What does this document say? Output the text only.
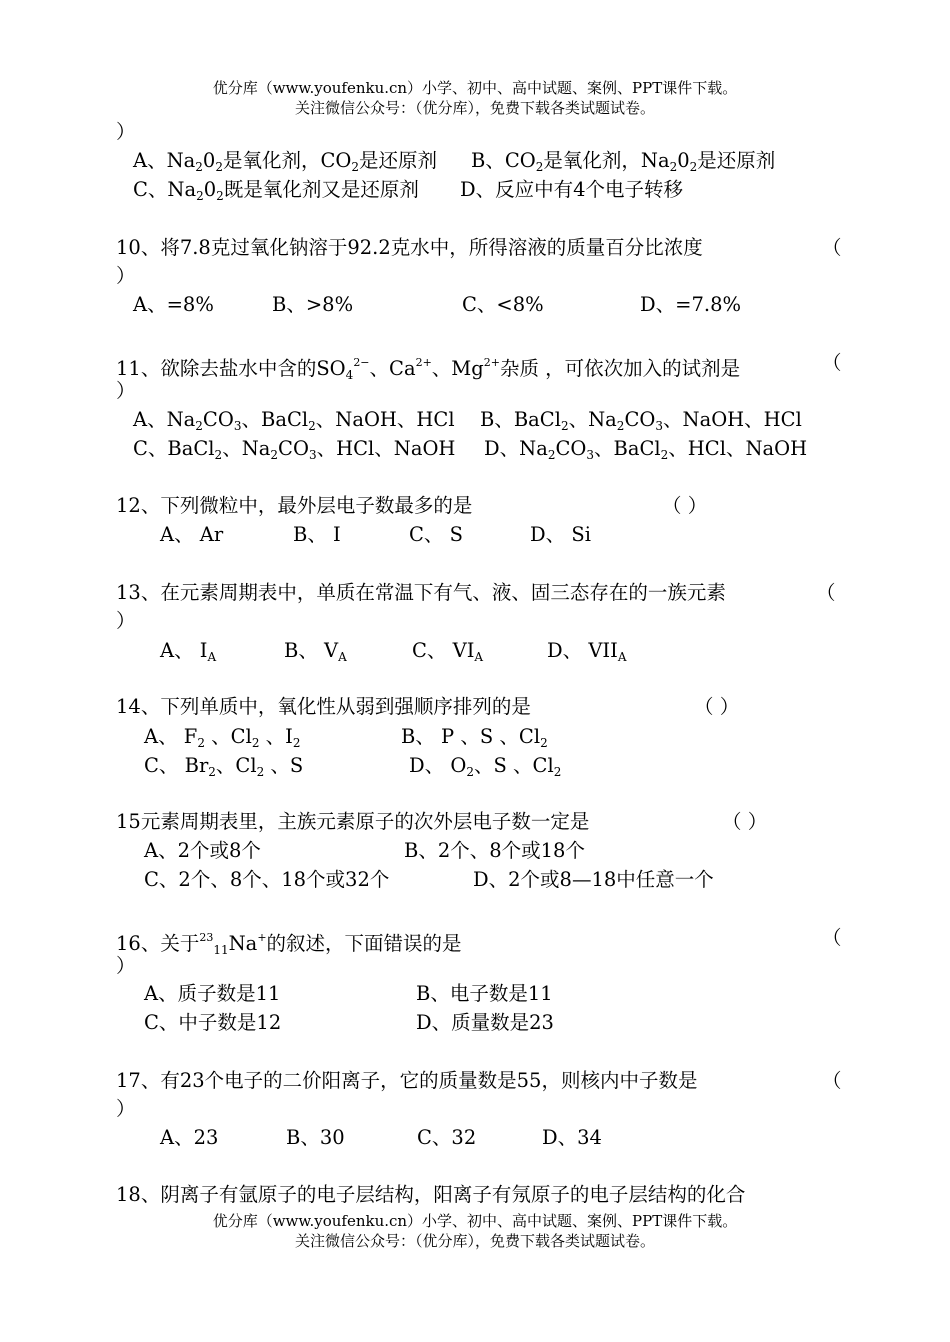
优分库（www.youfenku.cn）小学、初中、高中试题、案例、PPT课件下载。
关注微信公众号：（优分库），免费下载各类试题试卷。
）
A、$Na_20_2$是氧化剂，$CO_2$是还原剂 B、$CO_2$是氧化剂，$Na_20_2$是还原剂
C、$Na_20_2$既是氧化剂又是还原剂 D、反应中有4个电子转移
10、将7.8克过氧化钠溶于92.2克水中，所得溶液的质量百分比浓度	（
）
A、=8%	B、>8%	C、<8%	D、=7.8%
11、欲除去盐水中含的$SO_4^{2-}$、$Ca^{2+}$、$Mg^{2+}$杂质 ，可依次加入的试剂是	（
）
A、$Na_2CO_3$、BaCl$_2$、NaOH、HCl B、BaCl$_2$、$Na_2CO_3$、NaOH、HCl
C、BaCl$_2$、$Na_2CO_3$、HCl、NaOH D、$Na_2CO_3$、BaCl$_2$、HCl、NaOH
12、下列微粒中，最外层电子数最多的是	（ ）
A、 Ar	B、 I	C、 S	D、 Si
13、在元素周期表中，单质在常温下有气、液、固三态存在的一族元素	（
）
A、 $I_A$	B、 $V_A$	C、 $VI_A$	D、 $VII_A$
14、下列单质中，氧化性从弱到强顺序排列的是	（ ）
A、 $F_2$ 、$Cl_2$ 、$I_2$	B、 P 、S 、$Cl_2$
C、 $Br_2$、$Cl_2$ 、S	D、 $O_2$、S 、$Cl_2$
15元素周期表里，主族元素原子的次外层电子数一定是	（ ）
A、2个或8个	B、2个、8个或18个
C、2个、8个、18个或32个	D、2个或8—18中任意一个
16、关于$^{23}_{11}$Na+的叙述，下面错误的是	（
）
A、质子数是11	B、电子数是11
C、中子数是12	D、质量数是23
17、有23个电子的二价阳离子，它的质量数是55，则核内中子数是	（
）
A、23	B、30	C、32	D、34
18、阴离子有氩原子的电子层结构，阳离子有氖原子的电子层结构的化合
优分库（www.youfenku.cn）小学、初中、高中试题、案例、PPT课件下载。
关注微信公众号：（优分库），免费下载各类试题试卷。
